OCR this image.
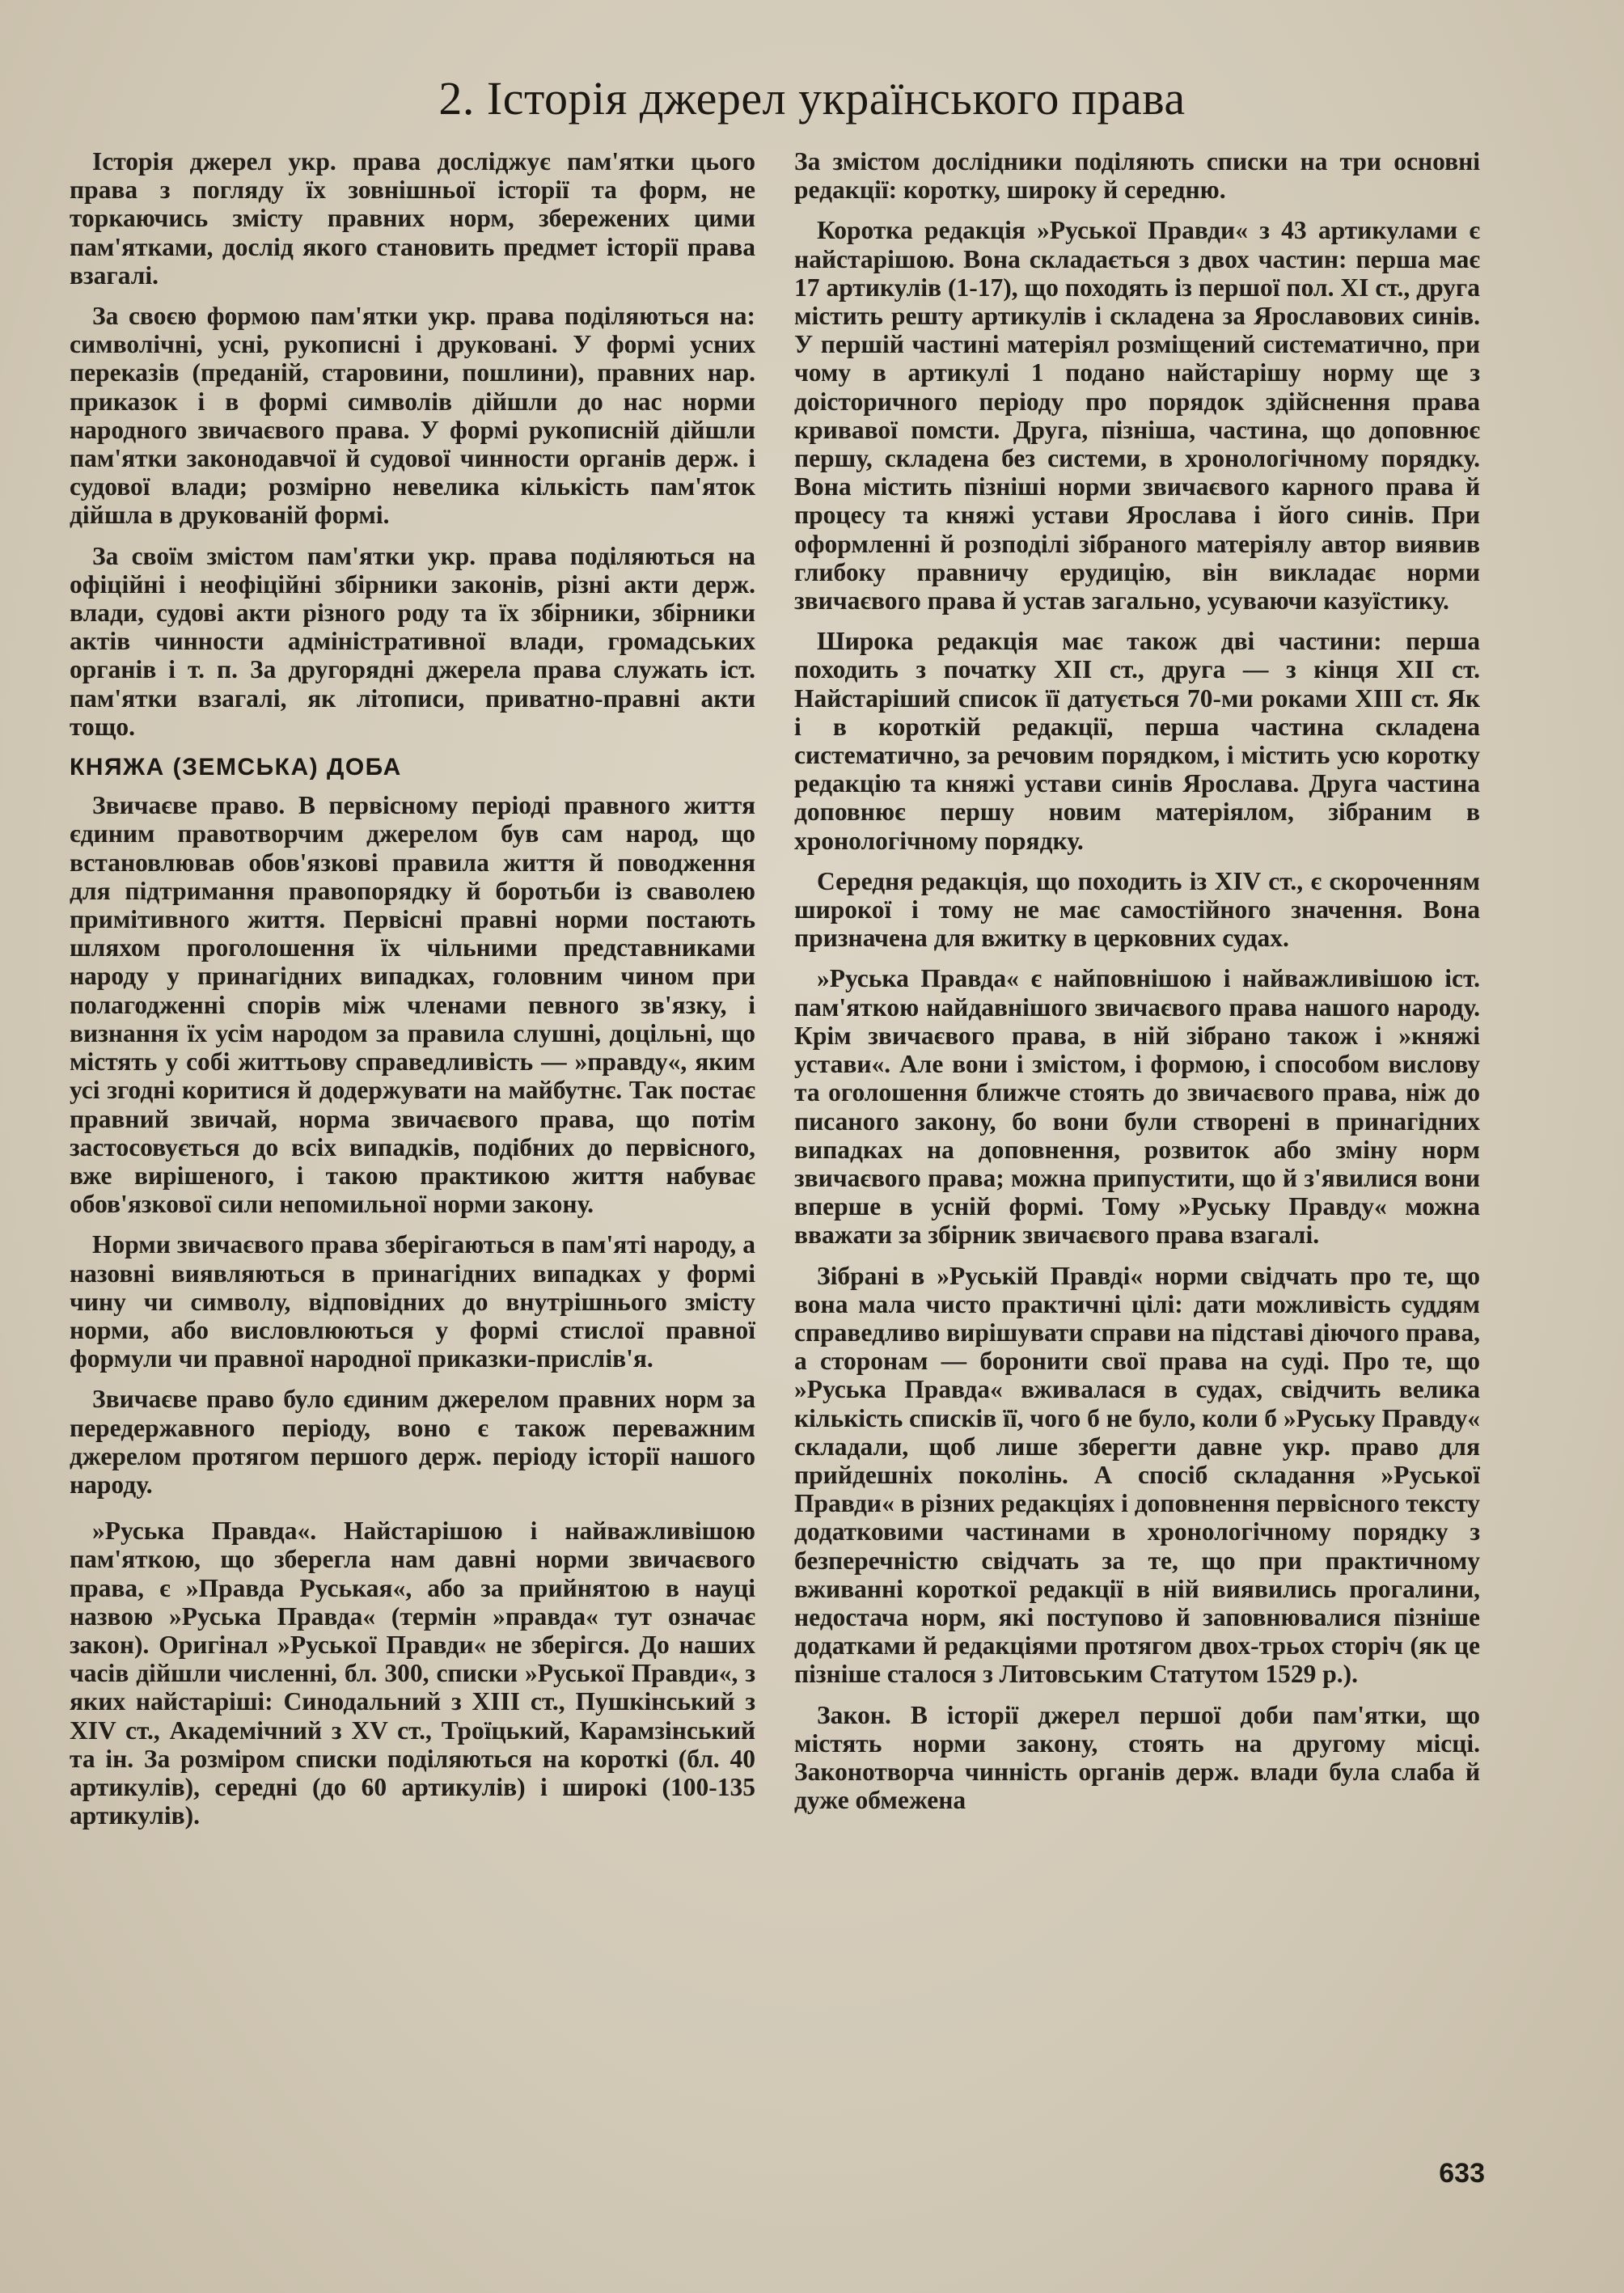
2. Історія джерел українського права

Історія джерел укр. права досліджує пам'ятки цього права з погляду їх зовнішньої історії та форм, не торкаючись змісту правних норм, збережених цими пам'ятками, дослід якого становить предмет історії права взагалі.

За своєю формою пам'ятки укр. права поділяються на: символічні, усні, рукописні і друковані. У формі усних переказів (преданій, старовини, пошлини), правних нар. приказок і в формі символів дійшли до нас норми народного звичаєвого права. У формі рукописній дійшли пам'ятки законодавчої й судової чинности органів держ. і судової влади; розмірно невелика кількість пам'яток дійшла в друкованій формі.

За своїм змістом пам'ятки укр. права поділяються на офіційні і неофіційні збірники законів, різні акти держ. влади, судові акти різного роду та їх збірники, збірники актів чинности адміністративної влади, громадських органів і т. п. За другорядні джерела права служать іст. пам'ятки взагалі, як літописи, приватно-правні акти тощо.

КНЯЖА (ЗЕМСЬКА) ДОБА

Звичаєве право. В первісному періоді правного життя єдиним правотворчим джерелом був сам народ, що встановлював обов'язкові правила життя й поводження для підтримання правопорядку й боротьби із сваволею примітивного життя. Первісні правні норми постають шляхом проголошення їх чільними представниками народу у принагідних випадках, головним чином при полагодженні спорів між членами певного зв'язку, і визнання їх усім народом за правила слушні, доцільні, що містять у собі життьову справедливість — »правду«, яким усі згодні коритися й додержувати на майбутнє. Так постає правний звичай, норма звичаєвого права, що потім застосовується до всіх випадків, подібних до первісного, вже вирішеного, і такою практикою життя набуває обов'язкової сили непомильної норми закону.

Норми звичаєвого права зберігаються в пам'яті народу, а назовні виявляються в принагідних випадках у формі чину чи символу, відповідних до внутрішнього змісту норми, або висловлюються у формі стислої правної формули чи правної народної приказки-прислів'я.

Звичаєве право було єдиним джерелом правних норм за передержавного періоду, воно є також переважним джерелом протягом першого держ. періоду історії нашого народу.

»Руська Правда«. Найстарішою і найважливішою пам'яткою, що зберегла нам давні норми звичаєвого права, є »Правда Руськая«, або за прийнятою в науці назвою »Руська Правда« (термін »правда« тут означає закон). Оригінал »Руської Правди« не зберігся. До наших часів дійшли численні, бл. 300, списки »Руської Правди«, з яких найстаріші: Синодальний з XIII ст., Пушкінський з XIV ст., Академічний з XV ст., Троїцький, Карамзінський та ін. За розміром списки поділяються на короткі (бл. 40 артикулів), середні (до 60 артикулів) і широкі (100-135 артикулів).

За змістом дослідники поділяють списки на три основні редакції: коротку, широку й середню.

Коротка редакція »Руської Правди« з 43 артикулами є найстарішою. Вона складається з двох частин: перша має 17 артикулів (1-17), що походять із першої пол. XI ст., друга містить решту артикулів і складена за Ярославових синів. У першій частині матеріял розміщений систематично, при чому в артикулі 1 подано найстарішу норму ще з доісторичного періоду про порядок здійснення права кривавої помсти. Друга, пізніша, частина, що доповнює першу, складена без системи, в хронологічному порядку. Вона містить пізніші норми звичаєвого карного права й процесу та княжі устави Ярослава і його синів. При оформленні й розподілі зібраного матеріялу автор виявив глибоку правничу ерудицію, він викладає норми звичаєвого права й устав загально, усуваючи казуїстику.

Широка редакція має також дві частини: перша походить з початку XII ст., друга — з кінця XII ст. Найстаріший список її датується 70-ми роками XIII ст. Як і в короткій редакції, перша частина складена систематично, за речовим порядком, і містить усю коротку редакцію та княжі устави синів Ярослава. Друга частина доповнює першу новим матеріялом, зібраним в хронологічному порядку.

Середня редакція, що походить із XIV ст., є скороченням широкої і тому не має самостійного значення. Вона призначена для вжитку в церковних судах.

»Руська Правда« є найповнішою і найважливішою іст. пам'яткою найдавнішого звичаєвого права нашого народу. Крім звичаєвого права, в ній зібрано також і »княжі устави«. Але вони і змістом, і формою, і способом вислову та оголошення ближче стоять до звичаєвого права, ніж до писаного закону, бо вони були створені в принагідних випадках на доповнення, розвиток або зміну норм звичаєвого права; можна припустити, що й з'явилися вони вперше в усній формі. Тому »Руську Правду« можна вважати за збірник звичаєвого права взагалі.

Зібрані в »Руській Правді« норми свідчать про те, що вона мала чисто практичні цілі: дати можливість суддям справедливо вирішувати справи на підставі діючого права, а сторонам — боронити свої права на суді. Про те, що »Руська Правда« вживалася в судах, свідчить велика кількість списків її, чого б не було, коли б »Руську Правду« складали, щоб лише зберегти давне укр. право для прийдешніх поколінь. А спосіб складання »Руської Правди« в різних редакціях і доповнення первісного тексту додатковими частинами в хронологічному порядку з безперечністю свідчать за те, що при практичному вживанні короткої редакції в ній виявились прогалини, недостача норм, які поступово й заповнювалися пізніше додатками й редакціями протягом двох-трьох сторіч (як це пізніше сталося з Литовським Статутом 1529 р.).

Закон. В історії джерел першої доби пам'ятки, що містять норми закону, стоять на другому місці. Законотворча чинність органів держ. влади була слаба й дуже обмежена

633
